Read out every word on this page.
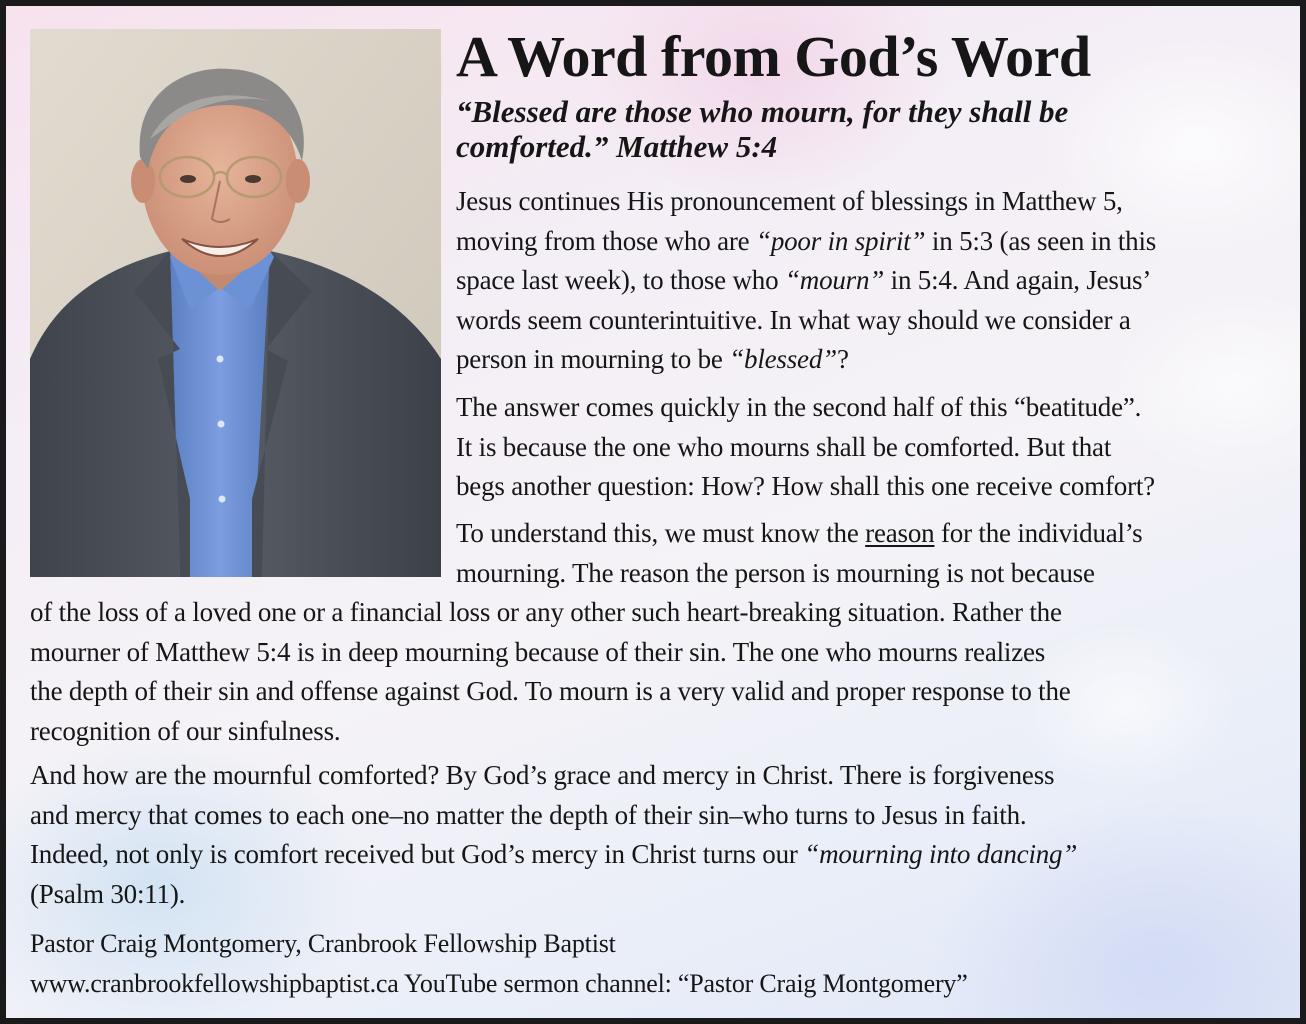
A Word from God’s Word

“Blessed are those who mourn, for they shall be
comforted.” Matthew 5:4

Jesus continues His pronouncement of blessings in Matthew 5,
moving from those who are “poor in spirit” in 5:3 (as seen in this
space last week), to those who “mourn” in 5:4. And again, Jesus’
words seem counterintuitive. In what way should we consider a
person in mourning to be “blessed”?

The answer comes quickly in the second half of this “beatitude”.
It is because the one who mourns shall be comforted. But that
begs another question: How? How shall this one receive comfort?

To understand this, we must know the reason for the individual’s
mourning. The reason the person is mourning is not because
of the loss of a loved one or a financial loss or any other such heart-breaking situation. Rather the
mourner of Matthew 5:4 is in deep mourning because of their sin. The one who mourns realizes
the depth of their sin and offense against God. To mourn is a very valid and proper response to the
recognition of our sinfulness.

And how are the mournful comforted? By God’s grace and mercy in Christ. There is forgiveness
and mercy that comes to each one–no matter the depth of their sin–who turns to Jesus in faith.
Indeed, not only is comfort received but God’s mercy in Christ turns our “mourning into dancing”
(Psalm 30:11).

Pastor Craig Montgomery, Cranbrook Fellowship Baptist
www.cranbrookfellowshipbaptist.ca YouTube sermon channel: “Pastor Craig Montgomery”
